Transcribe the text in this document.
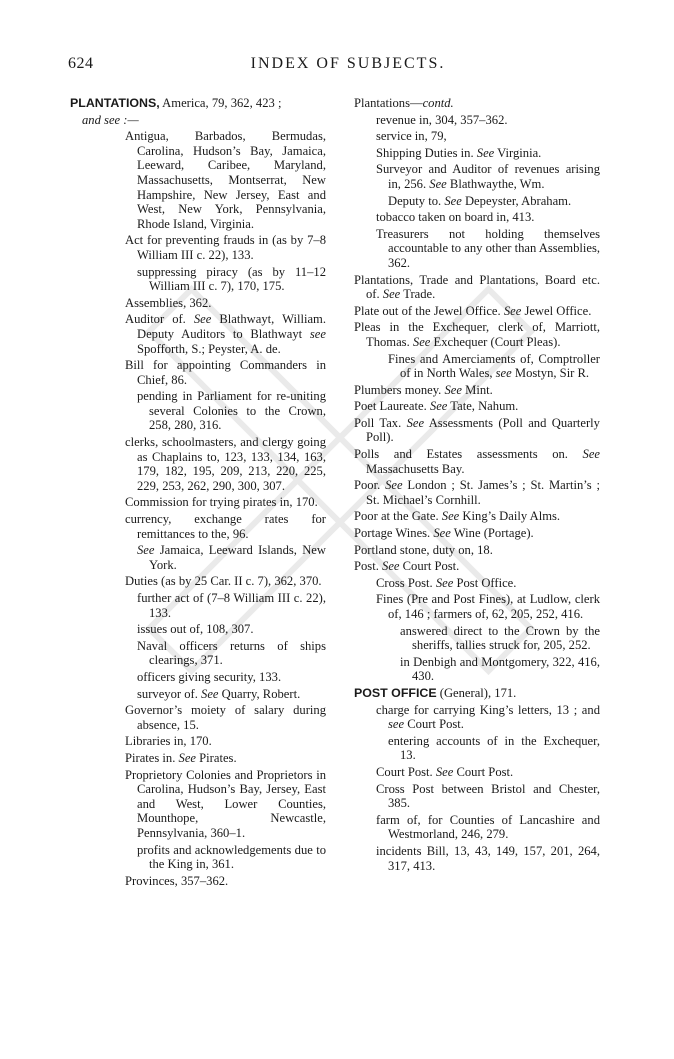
624	INDEX OF SUBJECTS.
PLANTATIONS, America, 79, 362, 423 ;
and see :—
Antigua, Barbados, Bermudas, Carolina, Hudson’s Bay, Jamaica, Leeward, Caribee, Maryland, Massachusetts, Montserrat, New Hampshire, New Jersey, East and West, New York, Pennsylvania, Rhode Island, Virginia.
Act for preventing frauds in (as by 7–8 William III c. 22), 133.
suppressing piracy (as by 11–12 William III c. 7), 170, 175.
Assemblies, 362.
Auditor of. See Blathwayt, William. Deputy Auditors to Blathwayt see Spofforth, S.; Peyster, A. de.
Bill for appointing Commanders in Chief, 86.
pending in Parliament for re-uniting several Colonies to the Crown, 258, 280, 316.
clerks, schoolmasters, and clergy going as Chaplains to, 123, 133, 134, 163, 179, 182, 195, 209, 213, 220, 225, 229, 253, 262, 290, 300, 307.
Commission for trying pirates in, 170.
currency, exchange rates for remittances to the, 96.
See Jamaica, Leeward Islands, New York.
Duties (as by 25 Car. II c. 7), 362, 370.
further act of (7–8 William III c. 22), 133.
issues out of, 108, 307.
Naval officers returns of ships clearings, 371.
officers giving security, 133.
surveyor of. See Quarry, Robert.
Governor’s moiety of salary during absence, 15.
Libraries in, 170.
Pirates in. See Pirates.
Proprietory Colonies and Proprietors in Carolina, Hudson’s Bay, Jersey, East and West, Lower Counties, Mounthope, Newcastle, Pennsylvania, 360–1.
profits and acknowledgements due to the King in, 361.
Provinces, 357–362.
Plantations—contd.
revenue in, 304, 357–362.
service in, 79,
Shipping Duties in. See Virginia.
Surveyor and Auditor of revenues arising in, 256. See Blathwaythe, Wm.
Deputy to. See Depeyster, Abraham.
tobacco taken on board in, 413.
Treasurers not holding themselves accountable to any other than Assemblies, 362.
Plantations, Trade and Plantations, Board etc. of. See Trade.
Plate out of the Jewel Office. See Jewel Office.
Pleas in the Exchequer, clerk of, Marriott, Thomas. See Exchequer (Court Pleas).
Fines and Amerciaments of, Comptroller of in North Wales, see Mostyn, Sir R.
Plumbers money. See Mint.
Poet Laureate. See Tate, Nahum.
Poll Tax. See Assessments (Poll and Quarterly Poll).
Polls and Estates assessments on. See Massachusetts Bay.
Poor. See London ; St. James’s ; St. Martin’s ; St. Michael’s Cornhill.
Poor at the Gate. See King’s Daily Alms.
Portage Wines. See Wine (Portage).
Portland stone, duty on, 18.
Post. See Court Post.
Cross Post. See Post Office.
Fines (Pre and Post Fines), at Ludlow, clerk of, 146 ; farmers of, 62, 205, 252, 416.
answered direct to the Crown by the sheriffs, tallies struck for, 205, 252.
in Denbigh and Montgomery, 322, 416, 430.
POST OFFICE (General), 171.
charge for carrying King’s letters, 13 ; and see Court Post.
entering accounts of in the Exchequer, 13.
Court Post. See Court Post.
Cross Post between Bristol and Chester, 385.
farm of, for Counties of Lancashire and Westmorland, 246, 279.
incidents Bill, 13, 43, 149, 157, 201, 264, 317, 413.
